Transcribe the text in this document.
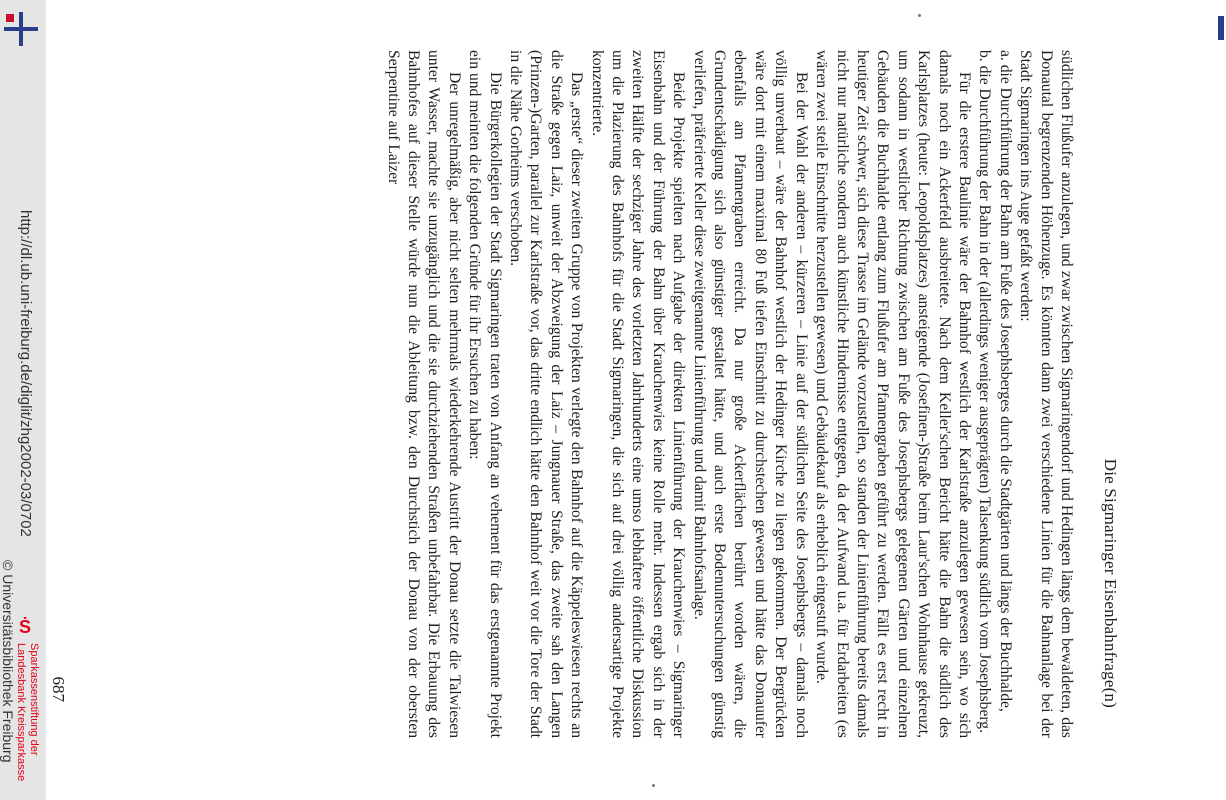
http://dl.ub.uni-freiburg.de/diglit/zhg2002-03/0702
© Universitätsbibliothek Freiburg Ṡ
Sparkassenstiftung der
Landesbank Kreissparkasse
Die Sigmaringer Eisenbahnfrage(n)

südlichen Flußufer anzulegen, und zwar zwischen Sigmaringendorf und Hedingen längs dem bewaldeten, das Donautal begrenzenden Höhenzuge. Es könnten dann zwei verschiedene Linien für die Bahnanlage bei der Stadt Sigmaringen ins Auge gefaßt werden:

a. die Durchführung der Bahn am Fuße des Josephsberges durch die Stadtgärten und längs der Buchhalde,

b. die Durchführung der Bahn in der (allerdings weniger ausgeprägten) Talsenkung südlich vom Josephsberg.

Für die erstere Baulinie wäre der Bahnhof westlich der Karlstraße anzulegen gewesen sein, wo sich damals noch ein Ackerfeld ausbreitete. Nach dem Keller'schen Bericht hätte die Bahn die südlich des Karlsplatzes (heute: Leopoldsplatzes) ansteigende (Josefinen-)Straße beim Laur'schen Wohnhause gekreuzt, um sodann in westlicher Richtung zwischen am Fuße des Josephsbergs gelegenen Gärten und einzelnen Gebäuden die Buchhalde entlang zum Flußufer am Pfannengraben geführt zu werden. Fällt es erst recht in heutiger Zeit schwer, sich diese Trasse im Gelände vorzustellen, so standen der Linienführung bereits damals nicht nur natürliche sondern auch künstliche Hindernisse entgegen, da der Aufwand u.a. für Erdarbeiten (es wären zwei steile Einschnitte herzustellen gewesen) und Gebäudekauf als erheblich eingestuft wurde.

Bei der Wahl der anderen – kürzeren – Linie auf der südlichen Seite des Josephsbergs – damals noch völlig unverbaut – wäre der Bahnhof westlich der Hedinger Kirche zu liegen gekommen. Der Bergrücken wäre dort mit einem maximal 80 Fuß tiefen Einschnitt zu durchstechen gewesen und hätte das Donauufer ebenfalls am Pfannengraben erreicht. Da nur große Ackerflächen berührt worden wären, die Grundentschädigung sich also günstiger gestaltet hätte, und auch erste Bodenuntersuchungen günstig verliefen, präferierte Keller diese zweitgenannte Linienführung und damit Bahnhofsanlage.

Beide Projekte spielten nach Aufgabe der direkten Linienführung der Krauchenwies – Sigmaringer Eisenbahn und der Führung der Bahn über Krauchenwies keine Rolle mehr. Indessen ergab sich in der zweiten Hälfte der sechziger Jahre des vorletzten Jahrhunderts eine umso lebhaftere öffentliche Diskussion um die Plazierung des Bahnhofs für die Stadt Sigmaringen, die sich auf drei völlig andersartige Projekte konzentrierte.

Das „erste“ dieser zweiten Gruppe von Projekten verlegte den Bahnhof auf die Käppeleswiesen rechts an die Straße gegen Laiz, unweit der Abzweigung der Laiz – Jungnauer Straße, das zweite sah den Langen (Prinzen-)Garten, parallel zur Karlstraße vor, das dritte endlich hätte den Bahnhof weit vor die Tore der Stadt in die Nähe Gorheims verschoben.

Die Bürgerkollegien der Stadt Sigmaringen traten von Anfang an vehement für das erstgenannte Projekt ein und meinten die folgenden Gründe für ihr Ersuchen zu haben:

Der unregelmäßig, aber nicht selten mehrmals wiederkehrende Austritt der Donau setzte die Talwiesen unter Wasser, machte sie unzugänglich und die sie durchziehenden Straßen unbefahrbar. Die Erbauung des Bahnhofes auf dieser Stelle würde nun die Ableitung bzw. den Durchstich der Donau von der obersten Serpentine auf Laizer

687
